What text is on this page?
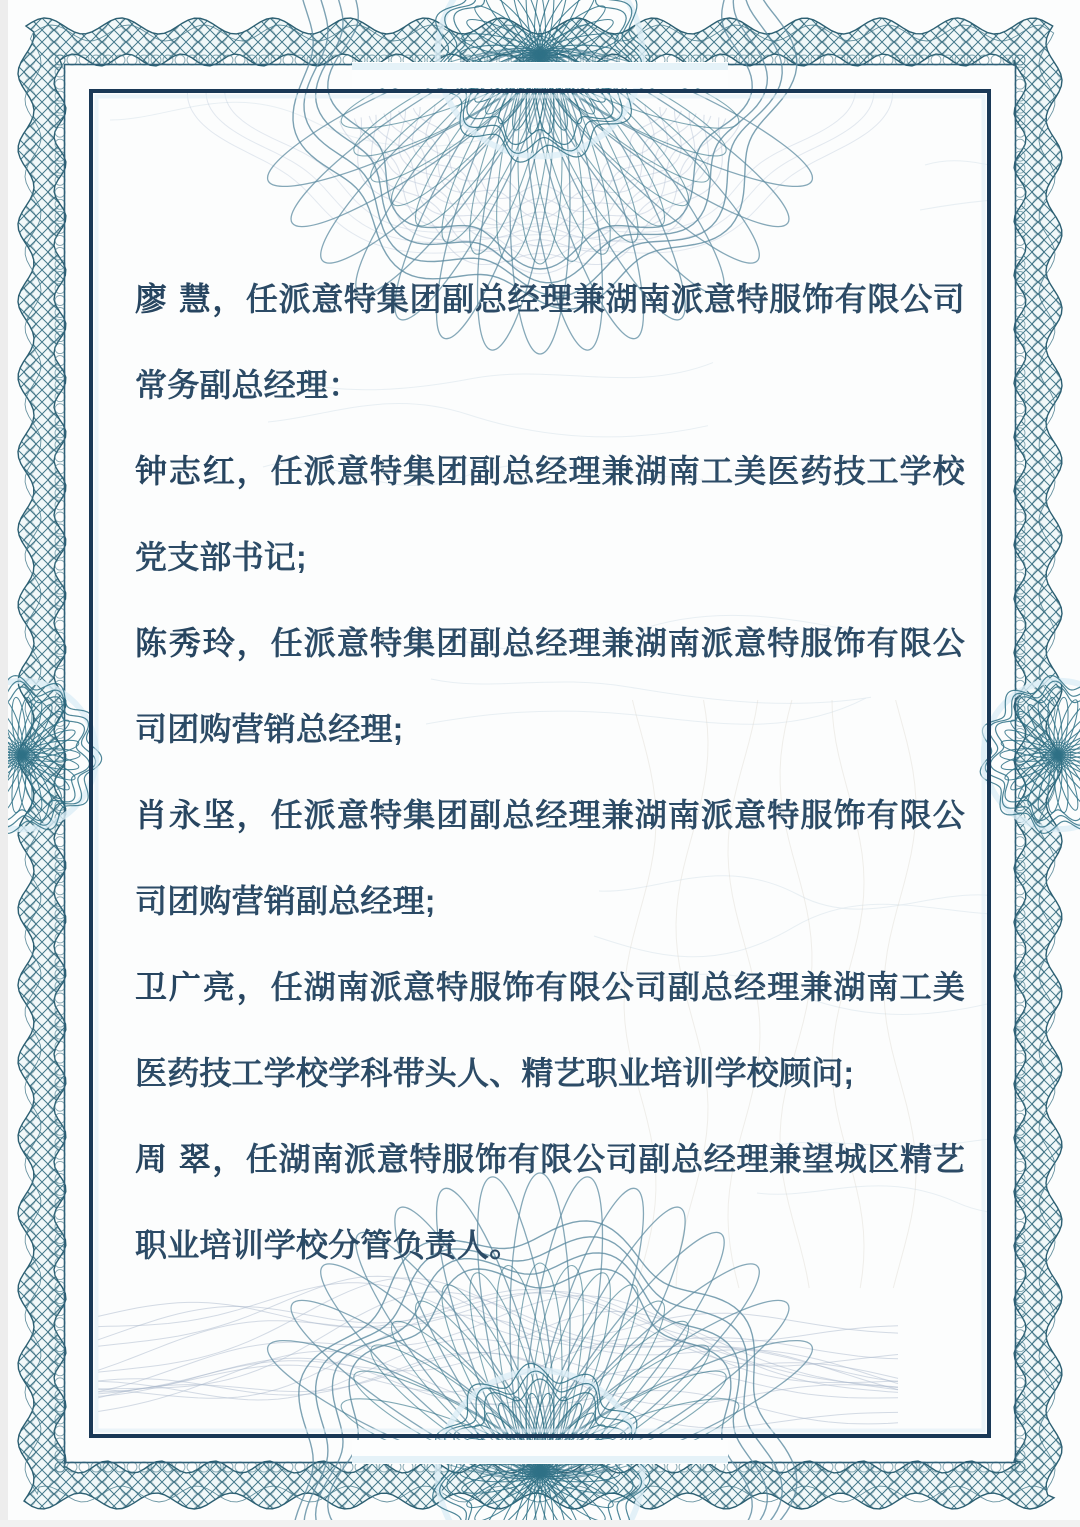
廖 慧，任派意特集团副总经理兼湖南派意特服饰有限公司
常务副总经理：
钟志红，任派意特集团副总经理兼湖南工美医药技工学校
党支部书记;
陈秀玲，任派意特集团副总经理兼湖南派意特服饰有限公
司团购营销总经理;
肖永坚，任派意特集团副总经理兼湖南派意特服饰有限公
司团购营销副总经理;
卫广亮，任湖南派意特服饰有限公司副总经理兼湖南工美
医药技工学校学科带头人、精艺职业培训学校顾问;
周 翠，任湖南派意特服饰有限公司副总经理兼望城区精艺
职业培训学校分管负责人。
